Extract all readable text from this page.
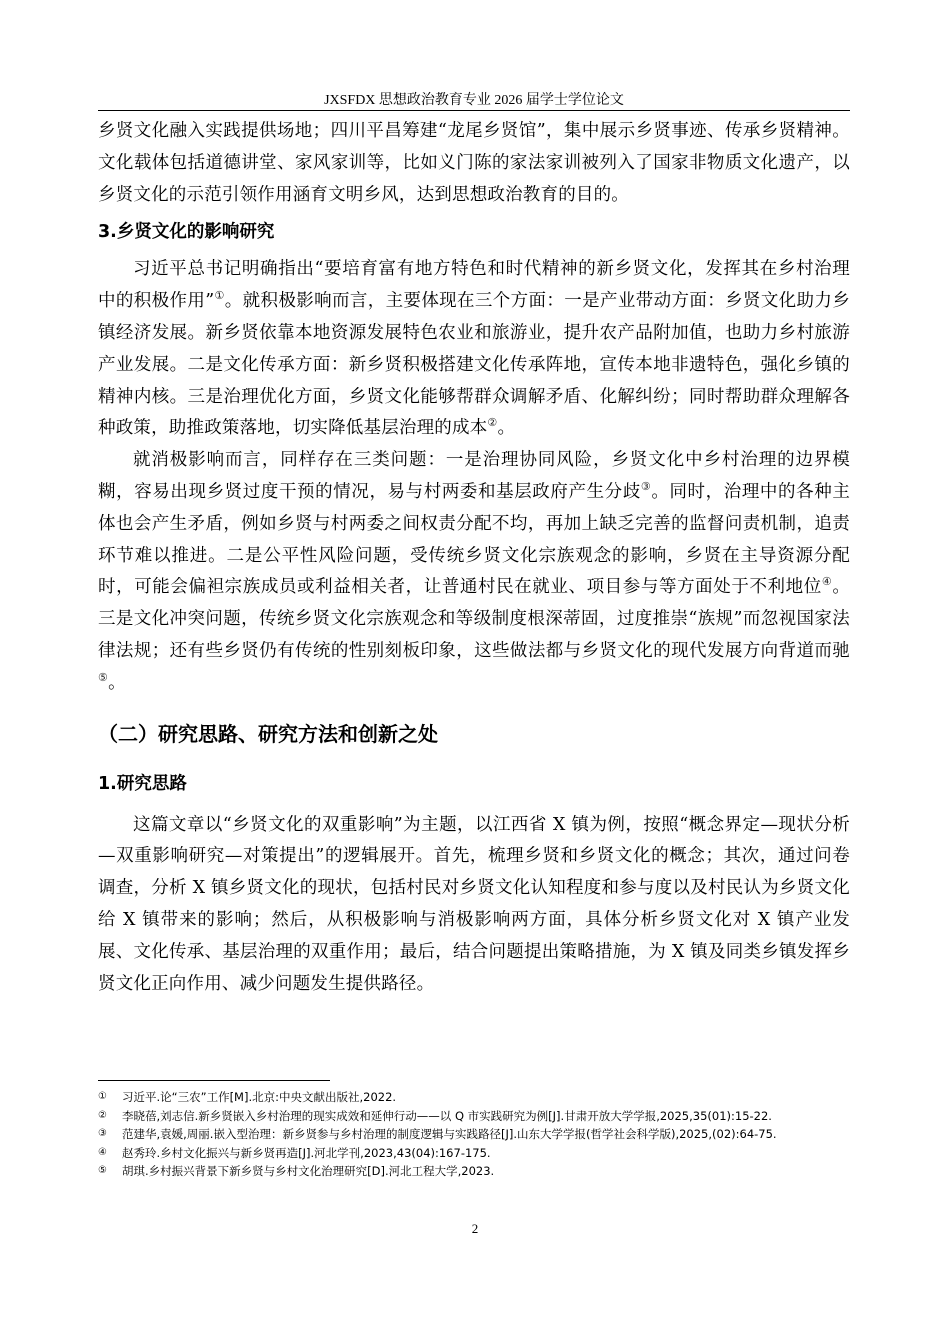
JXSFDX 思想政治教育专业 2026 届学士学位论文

乡贤文化融入实践提供场地；四川平昌筹建“龙尾乡贤馆”，集中展示乡贤事迹、传承乡贤精神。文化载体包括道德讲堂、家风家训等，比如义门陈的家法家训被列入了国家非物质文化遗产，以乡贤文化的示范引领作用涵育文明乡风，达到思想政治教育的目的。

3.乡贤文化的影响研究

习近平总书记明确指出“要培育富有地方特色和时代精神的新乡贤文化，发挥其在乡村治理中的积极作用”①。就积极影响而言，主要体现在三个方面：一是产业带动方面：乡贤文化助力乡镇经济发展。新乡贤依靠本地资源发展特色农业和旅游业，提升农产品附加值，也助力乡村旅游产业发展。二是文化传承方面：新乡贤积极搭建文化传承阵地，宣传本地非遗特色，强化乡镇的精神内核。三是治理优化方面，乡贤文化能够帮群众调解矛盾、化解纠纷；同时帮助群众理解各种政策，助推政策落地，切实降低基层治理的成本②。

就消极影响而言，同样存在三类问题：一是治理协同风险，乡贤文化中乡村治理的边界模糊，容易出现乡贤过度干预的情况，易与村两委和基层政府产生分歧③。同时，治理中的各种主体也会产生矛盾，例如乡贤与村两委之间权责分配不均，再加上缺乏完善的监督问责机制，追责环节难以推进。二是公平性风险问题，受传统乡贤文化宗族观念的影响，乡贤在主导资源分配时，可能会偏袒宗族成员或利益相关者，让普通村民在就业、项目参与等方面处于不利地位④。三是文化冲突问题，传统乡贤文化宗族观念和等级制度根深蒂固，过度推崇“族规”而忽视国家法律法规；还有些乡贤仍有传统的性别刻板印象，这些做法都与乡贤文化的现代发展方向背道而驰⑤。

（二）研究思路、研究方法和创新之处
1.研究思路

这篇文章以“乡贤文化的双重影响”为主题，以江西省 X 镇为例，按照“概念界定—现状分析—双重影响研究—对策提出”的逻辑展开。首先，梳理乡贤和乡贤文化的概念；其次，通过问卷调查，分析 X 镇乡贤文化的现状，包括村民对乡贤文化认知程度和参与度以及村民认为乡贤文化给 X 镇带来的影响；然后，从积极影响与消极影响两方面，具体分析乡贤文化对 X 镇产业发展、文化传承、基层治理的双重作用；最后，结合问题提出策略措施，为 X 镇及同类乡镇发挥乡贤文化正向作用、减少问题发生提供路径。

①	习近平.论“三农”工作[M].北京:中央文献出版社,2022.
②	李晓蓓,刘志信.新乡贤嵌入乡村治理的现实成效和延伸行动——以 Q 市实践研究为例[J].甘肃开放大学学报,2025,35(01):15-22.
③	范建华,袁媛,周丽.嵌入型治理：新乡贤参与乡村治理的制度逻辑与实践路径[J].山东大学学报(哲学社会科学版),2025,(02):64-75.
④	赵秀玲.乡村文化振兴与新乡贤再造[J].河北学刊,2023,43(04):167-175.
⑤	胡琪.乡村振兴背景下新乡贤与乡村文化治理研究[D].河北工程大学,2023.
2
